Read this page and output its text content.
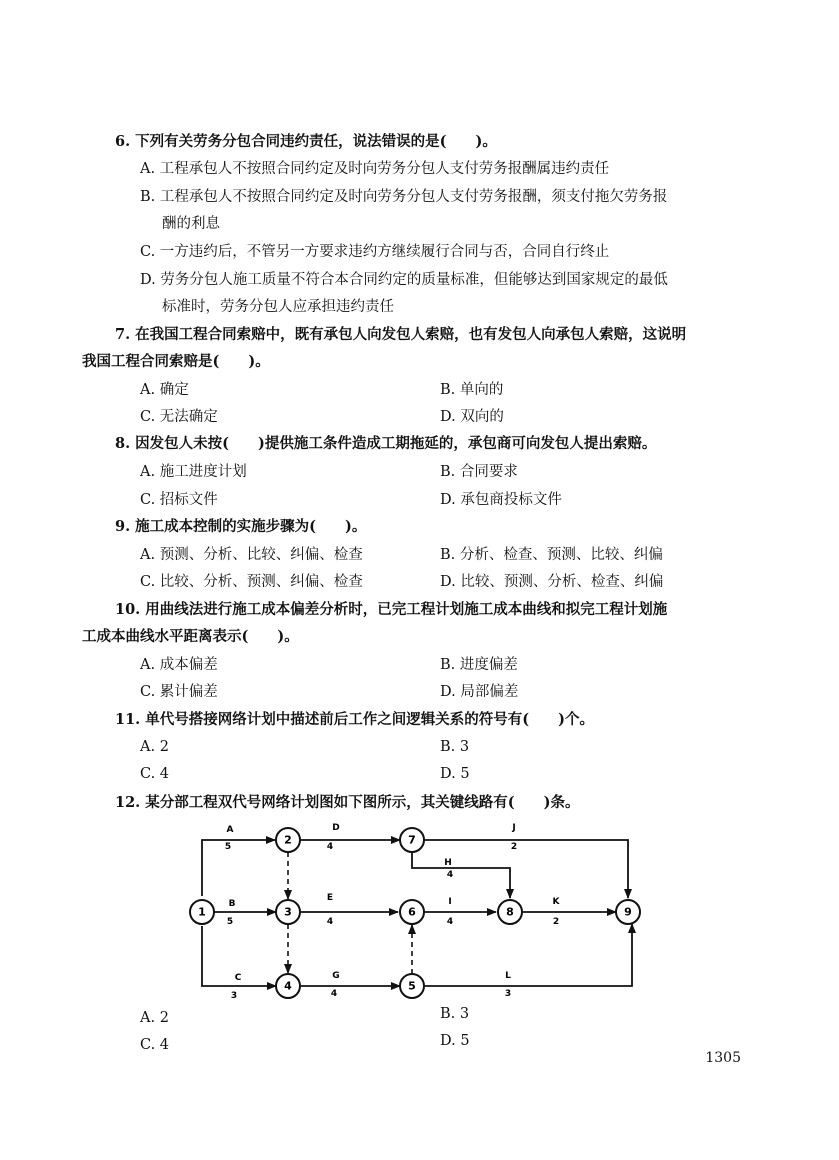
6. 下列有关劳务分包合同违约责任，说法错误的是(　　)。
A. 工程承包人不按照合同约定及时向劳务分包人支付劳务报酬属违约责任
B. 工程承包人不按照合同约定及时向劳务分包人支付劳务报酬，须支付拖欠劳务报
酬的利息
C. 一方违约后，不管另一方要求违约方继续履行合同与否，合同自行终止
D. 劳务分包人施工质量不符合本合同约定的质量标准，但能够达到国家规定的最低
标准时，劳务分包人应承担违约责任
7. 在我国工程合同索赔中，既有承包人向发包人索赔，也有发包人向承包人索赔，这说明
我国工程合同索赔是(　　)。
A. 确定	B. 单向的
C. 无法确定	D. 双向的
8. 因发包人未按(　　)提供施工条件造成工期拖延的，承包商可向发包人提出索赔。
A. 施工进度计划	B. 合同要求
C. 招标文件	D. 承包商投标文件
9. 施工成本控制的实施步骤为(　　)。
A. 预测、分析、比较、纠偏、检查	B. 分析、检查、预测、比较、纠偏
C. 比较、分析、预测、纠偏、检查	D. 比较、预测、分析、检查、纠偏
10. 用曲线法进行施工成本偏差分析时，已完工程计划施工成本曲线和拟完工程计划施
工成本曲线水平距离表示(　　)。
A. 成本偏差	B. 进度偏差
C. 累计偏差	D. 局部偏差
11. 单代号搭接网络计划中描述前后工作之间逻辑关系的符号有(　　)个。
A. 2	B. 3
C. 4	D. 5
12. 某分部工程双代号网络计划图如下图所示，其关键线路有(　　)条。
A
5
D
4
J
2
H
4
B
5
E
4
I
4
K
2
C
3
G
4
L
3
1
2
3
4	5
6
7
8	9
A. 2	B. 3
C. 4	D. 5
1305
